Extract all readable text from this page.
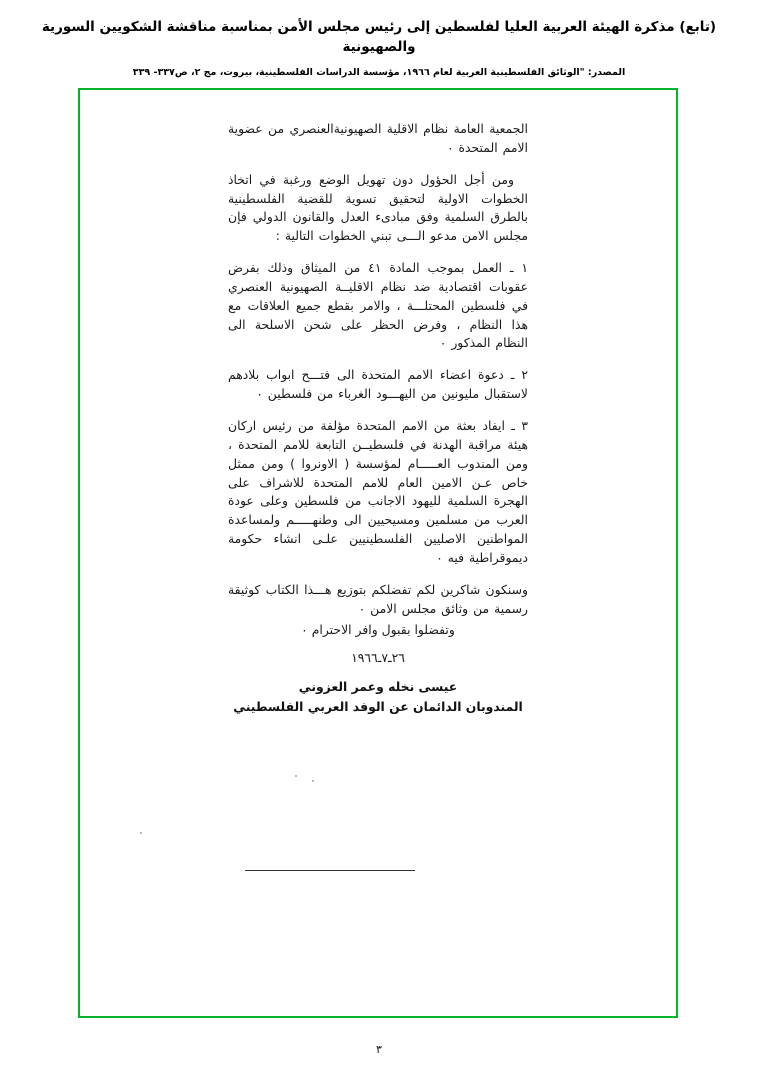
(تابع) مذكرة الهيئة العربية العليا لفلسطين إلى رئيس مجلس الأمن بمناسبة مناقشة الشكويين السورية والصهيونية
المصدر: "الوثائق الفلسطينية العربية لعام ١٩٦٦، مؤسسة الدراسات الفلسطينية، بيروت، مج ٢، ص٣٣٧- ٣٣٩

الجمعية العامة نظام الاقلية الصهيونيةالعنصري من عضوية الامم المتحدة ٠

ومن أجل الحؤول دون تهويل الوضع ورغبة في اتخاذ الخطوات الاولية لتحقيق تسوية للقضية الفلسطينية بالطرق السلمية وفق مبادىء العدل والقانون الدولي فإن مجلس الامن مدعو الـــى تبني الخطوات التالية :

١ ـ العمل بموجب المادة ٤١ من الميثاق وذلك بفرض عقوبات اقتصادية ضد نظام الاقليــة الصهيونية العنصري في فلسطين المحتلـــة ، والامر بقطع جميع العلاقات مع هذا النظام ، وفرض الحظر على شحن الاسلحة الى النظام المذكور ٠

٢ ـ دعوة اعضاء الامم المتحدة الى فتـــح ابواب بلادهم لاستقبال مليونين من اليهـــود الغرباء من فلسطين ٠

٣ ـ ايفاد بعثة من الامم المتحدة مؤلفة من رئيس اركان هيئة مراقبة الهدنة في فلسطيــن التابعة للامم المتحدة ، ومن المندوب العـــــام لمؤسسة ( الاونروا ) ومن ممثل خاص عـن الامين العام للامم المتحدة للاشراف على الهجرة السلمية لليهود الاجانب من فلسطين وعلى عودة العرب من مسلمين ومسيحيين الى وطنهـــــم ولمساعدة المواطنين الاصليين الفلسطينيين علـى انشاء حكومة ديموقراطية فيه ٠

وسنكون شاكرين لكم تفضلكم بتوزيع هـــذا الكتاب كوثيقة رسمية من وثائق مجلس الامن ٠

وتفضلوا بقبول وافر الاحترام ٠

٢٦ـ٧ـ١٩٦٦

عيسى نخله وعمر العزوني
المندوبان الدائمان عن الوفد العربي الفلسطيني
٣
